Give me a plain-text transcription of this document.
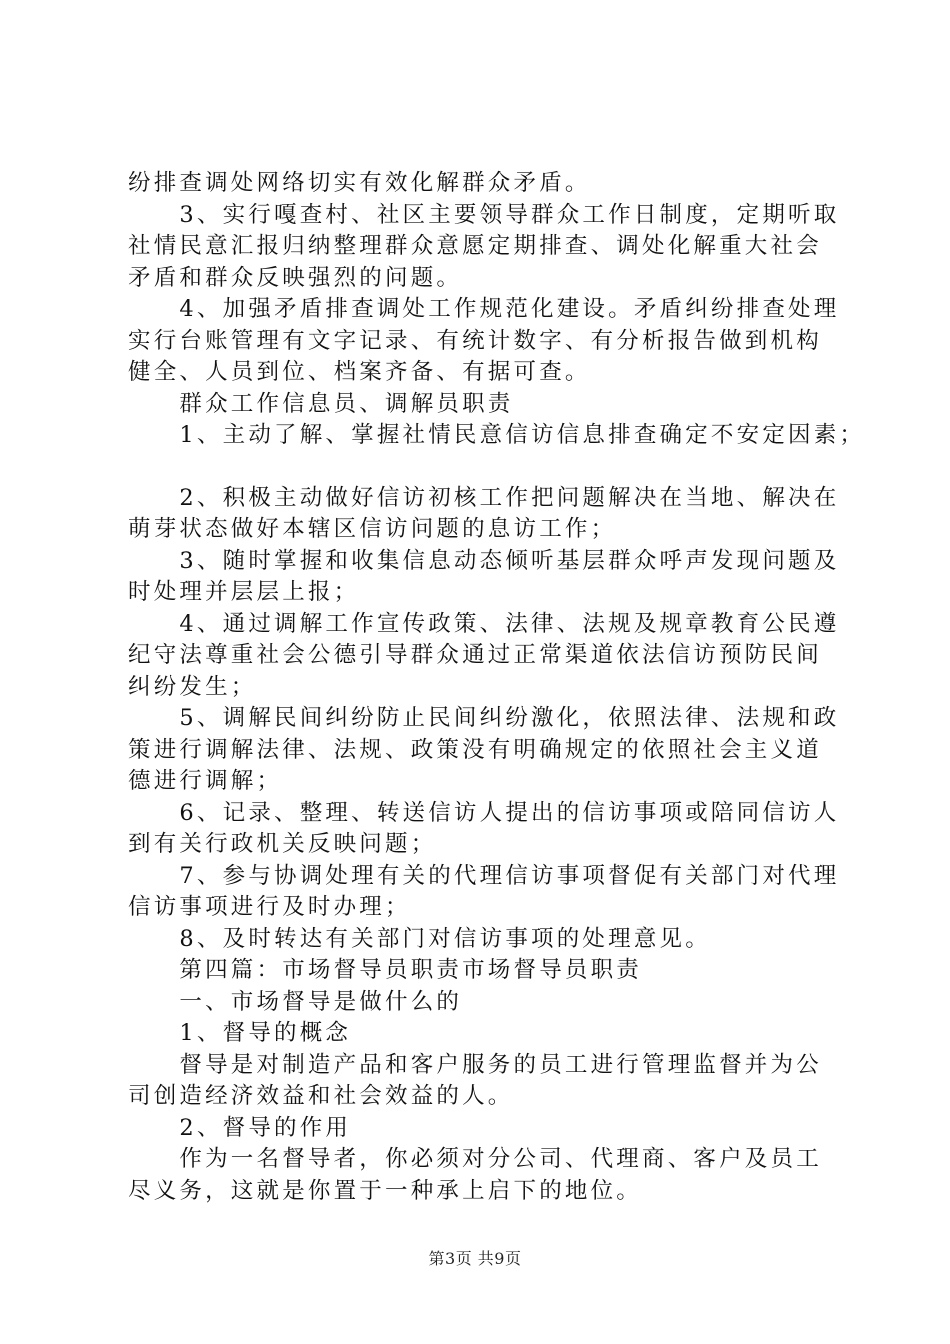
纷排查调处网络切实有效化解群众矛盾。

　　3、实行嘎查村、社区主要领导群众工作日制度，定期听取

社情民意汇报归纳整理群众意愿定期排查、调处化解重大社会

矛盾和群众反映强烈的问题。

　　4、加强矛盾排查调处工作规范化建设。矛盾纠纷排查处理

实行台账管理有文字记录、有统计数字、有分析报告做到机构

健全、人员到位、档案齐备、有据可查。

　　群众工作信息员、调解员职责

　　1、主动了解、掌握社情民意信访信息排查确定不安定因素；

　　2、积极主动做好信访初核工作把问题解决在当地、解决在

萌芽状态做好本辖区信访问题的息访工作；

　　3、随时掌握和收集信息动态倾听基层群众呼声发现问题及

时处理并层层上报；

　　4、通过调解工作宣传政策、法律、法规及规章教育公民遵

纪守法尊重社会公德引导群众通过正常渠道依法信访预防民间

纠纷发生；

　　5、调解民间纠纷防止民间纠纷激化，依照法律、法规和政

策进行调解法律、法规、政策没有明确规定的依照社会主义道

德进行调解；

　　6、记录、整理、转送信访人提出的信访事项或陪同信访人

到有关行政机关反映问题；

　　7、参与协调处理有关的代理信访事项督促有关部门对代理

信访事项进行及时办理；

　　8、及时转达有关部门对信访事项的处理意见。

　　第四篇：市场督导员职责市场督导员职责

　　一、市场督导是做什么的

　　1、督导的概念

　　督导是对制造产品和客户服务的员工进行管理监督并为公

司创造经济效益和社会效益的人。

　　2、督导的作用

　　作为一名督导者，你必须对分公司、代理商、客户及员工

尽义务，这就是你置于一种承上启下的地位。

第3页 共9页
